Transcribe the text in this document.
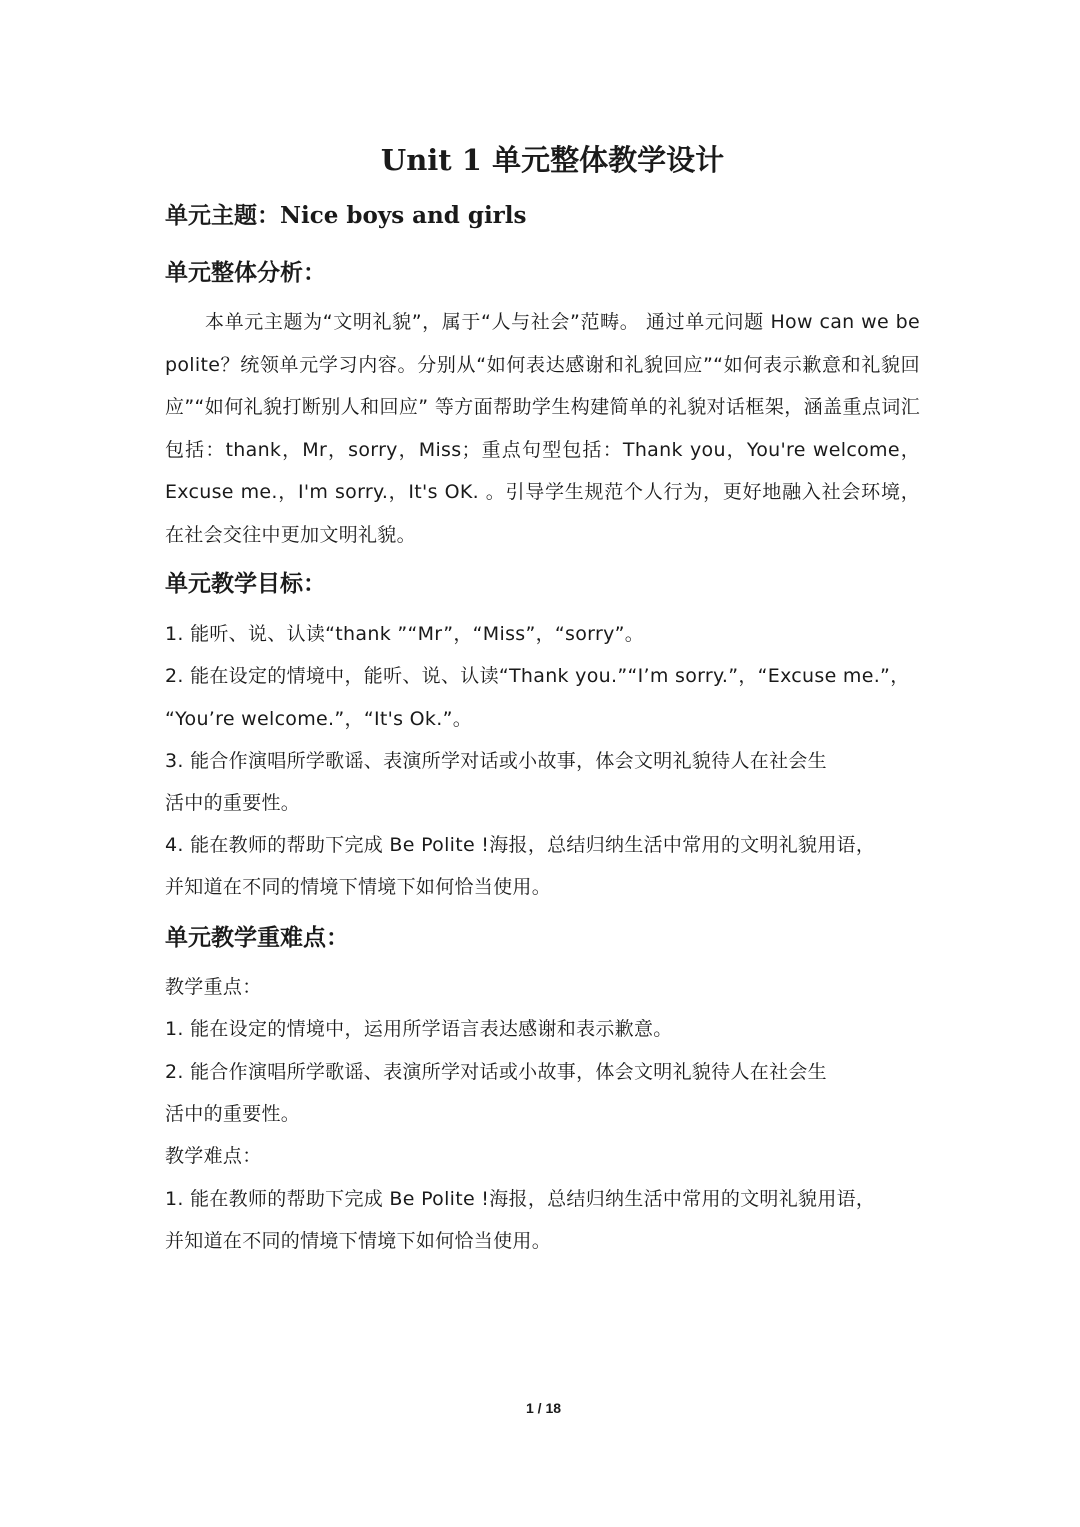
Unit 1 单元整体教学设计
单元主题：Nice boys and girls
单元整体分析：
本单元主题为“文明礼貌”，属于“人与社会”范畴。 通过单元问题 How can we be polite？统领单元学习内容。分别从“如何表达感谢和礼貌回应”“如何表示歉意和礼貌回应”“如何礼貌打断别人和回应” 等方面帮助学生构建简单的礼貌对话框架，涵盖重点词汇包括：thank，Mr，sorry，Miss；重点句型包括：Thank you，You're welcome，Excuse me.，I'm sorry.，It's OK. 。引导学生规范个人行为，更好地融入社会环境，在社会交往中更加文明礼貌。
单元教学目标：
1. 能听、说、认读“thank ”“Mr”，“Miss”，“sorry”。
2. 能在设定的情境中，能听、说、认读“Thank you.”“I’m sorry.”，“Excuse me.”，
“You’re welcome.”，“It's Ok.”。
3. 能合作演唱所学歌谣、表演所学对话或小故事，体会文明礼貌待人在社会生
活中的重要性。
4. 能在教师的帮助下完成 Be Polite !海报，总结归纳生活中常用的文明礼貌用语，
并知道在不同的情境下情境下如何恰当使用。
单元教学重难点：
教学重点：
1. 能在设定的情境中，运用所学语言表达感谢和表示歉意。
2. 能合作演唱所学歌谣、表演所学对话或小故事，体会文明礼貌待人在社会生
活中的重要性。
教学难点：
1. 能在教师的帮助下完成 Be Polite !海报，总结归纳生活中常用的文明礼貌用语，
并知道在不同的情境下情境下如何恰当使用。
1 / 18
